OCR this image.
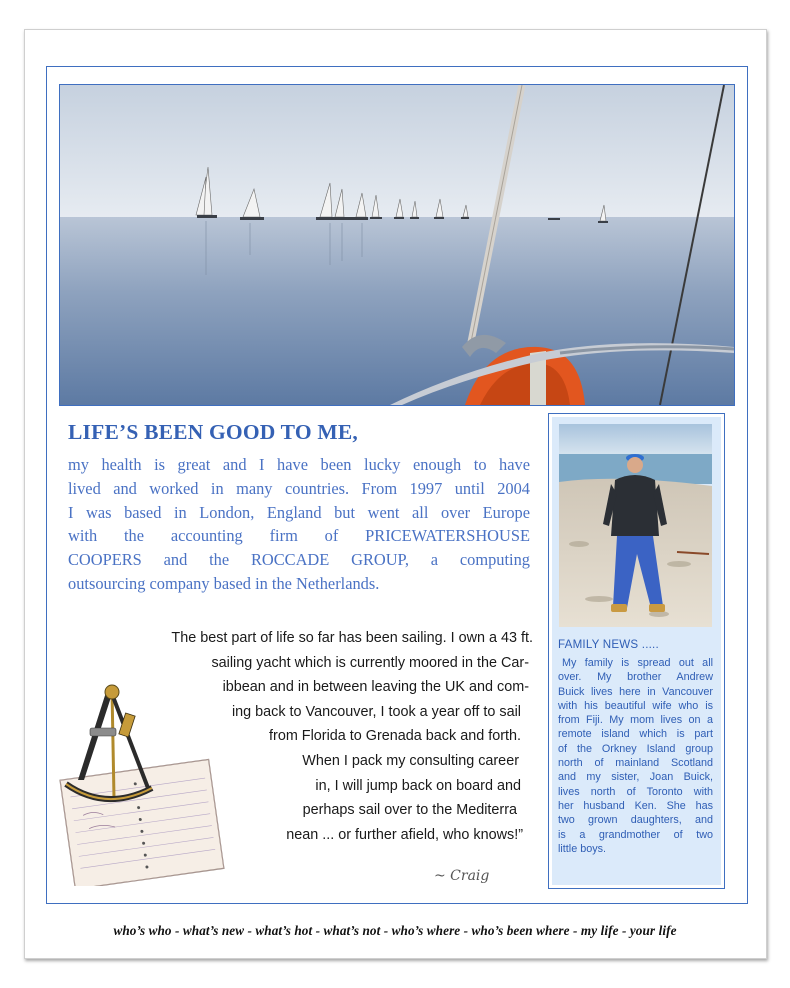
LIFE’S BEEN GOOD TO ME,
my health is great and I have been lucky enough to have
lived and worked in many countries. From 1997 until 2004
I was based in London, England but went all over Europe
with the accounting firm of PRICEWATERSHOUSE
COOPERS and the ROCCADE GROUP, a computing
outsourcing company based in the Netherlands.
The best part of life so far has been sailing. I own a 43 ft.
sailing yacht which is currently moored in the Car-
ibbean and in between leaving the UK and com-
ing back to Vancouver, I took a year off to sail
from Florida to Grenada back and forth.
When I pack my consulting career
in, I will jump back on board and
perhaps sail over to the Mediterra
nean ... or further afield, who knows!”
~ Craig
FAMILY NEWS .....
My family is spread out all
over. My brother Andrew
Buick lives here in Vancouver
with his beautiful wife who is
from Fiji. My mom lives on a
remote island which is part
of the Orkney Island group
north of mainland Scotland
and my sister, Joan Buick,
lives north of Toronto with
her husband Ken. She has
two grown daughters, and
is a grandmother of two
little boys.
who’s who - what’s new - what’s hot - what’s not - who’s where - who’s been where - my life - your life
